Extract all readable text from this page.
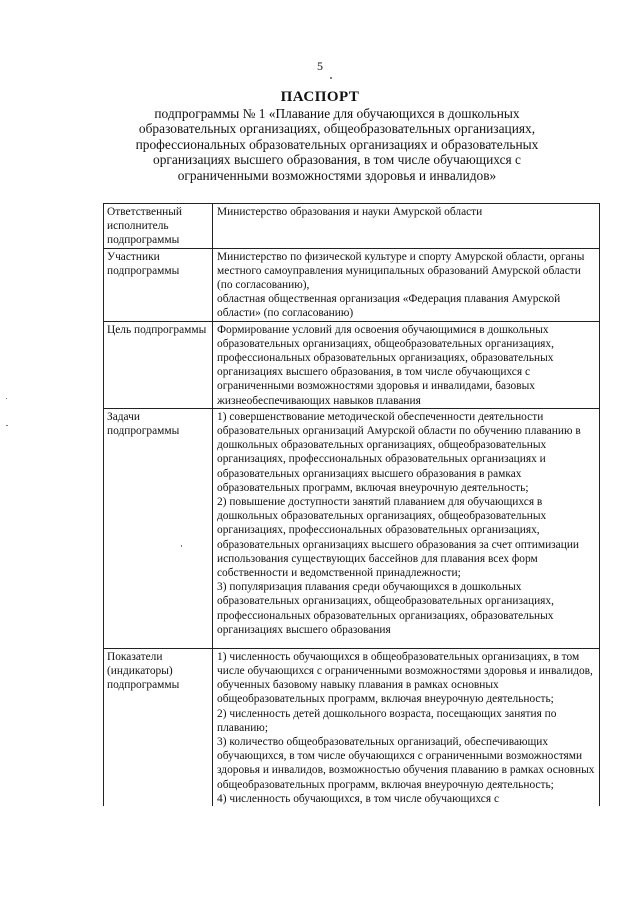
5
ПАСПОРТ
подпрограммы № 1 «Плавание для обучающихся в дошкольных образовательных организациях, общеобразовательных организациях, профессиональных образовательных организациях и образовательных организациях высшего образования, в том числе обучающихся с ограниченными возможностями здоровья и инвалидов»
Ответственный исполнитель подпрограммы	Министерство образования и науки Амурской области
Участники подпрограммы	Министерство по физической культуре и спорту Амурской области, органы местного самоуправления муниципальных образований Амурской области (по согласованию),
областная общественная организация «Федерация плавания Амурской области» (по согласованию)
Цель подпрограммы	Формирование условий для освоения обучающимися в дошкольных образовательных организациях, общеобразовательных организациях, профессиональных образовательных организациях, образовательных организациях высшего образования, в том числе обучающихся с ограниченными возможностями здоровья и инвалидами, базовых жизнеобеспечивающих навыков плавания
Задачи подпрограммы	1) совершенствование методической обеспеченности деятельности образовательных организаций Амурской области по обучению плаванию в дошкольных образовательных организациях, общеобразовательных организациях, профессиональных образовательных организациях и образовательных организациях высшего образования в рамках образовательных программ, включая внеурочную деятельность;
2) повышение доступности занятий плаванием для обучающихся в дошкольных образовательных организациях, общеобразовательных организациях, профессиональных образовательных организациях, образовательных организациях высшего образования за счет оптимизации использования существующих бассейнов для плавания всех форм собственности и ведомственной принадлежности;
3) популяризация плавания среди обучающихся в дошкольных образовательных организациях, общеобразовательных организациях, профессиональных образовательных организациях, образовательных организациях высшего образования
Показатели (индикаторы) подпрограммы	1) численность обучающихся в общеобразовательных организациях, в том числе обучающихся с ограниченными возможностями здоровья и инвалидов, обученных базовому навыку плавания в рамках основных общеобразовательных программ, включая внеурочную деятельность;
2) численность детей дошкольного возраста, посещающих занятия по плаванию;
3) количество общеобразовательных организаций, обеспечивающих обучающихся, в том числе обучающихся с ограниченными возможностями здоровья и инвалидов, возможностью обучения плаванию в рамках основных общеобразовательных программ, включая внеурочную деятельность;
4) численность обучающихся, в том числе обучающихся с
